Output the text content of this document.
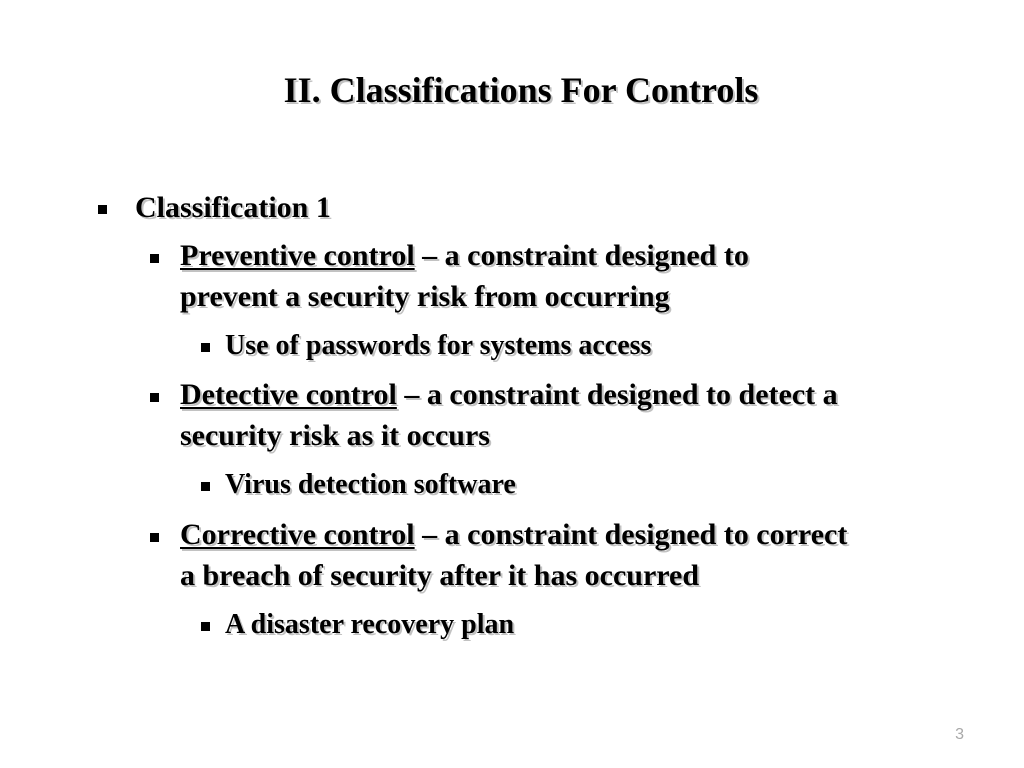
II. Classifications For Controls
Classification 1
Preventive control – a constraint designed to
prevent a security risk from occurring
Use of passwords for systems access
Detective control – a constraint designed to detect a
security risk as it occurs
Virus detection software
Corrective control – a constraint designed to correct
a breach of security after it has occurred
A disaster recovery plan
3
